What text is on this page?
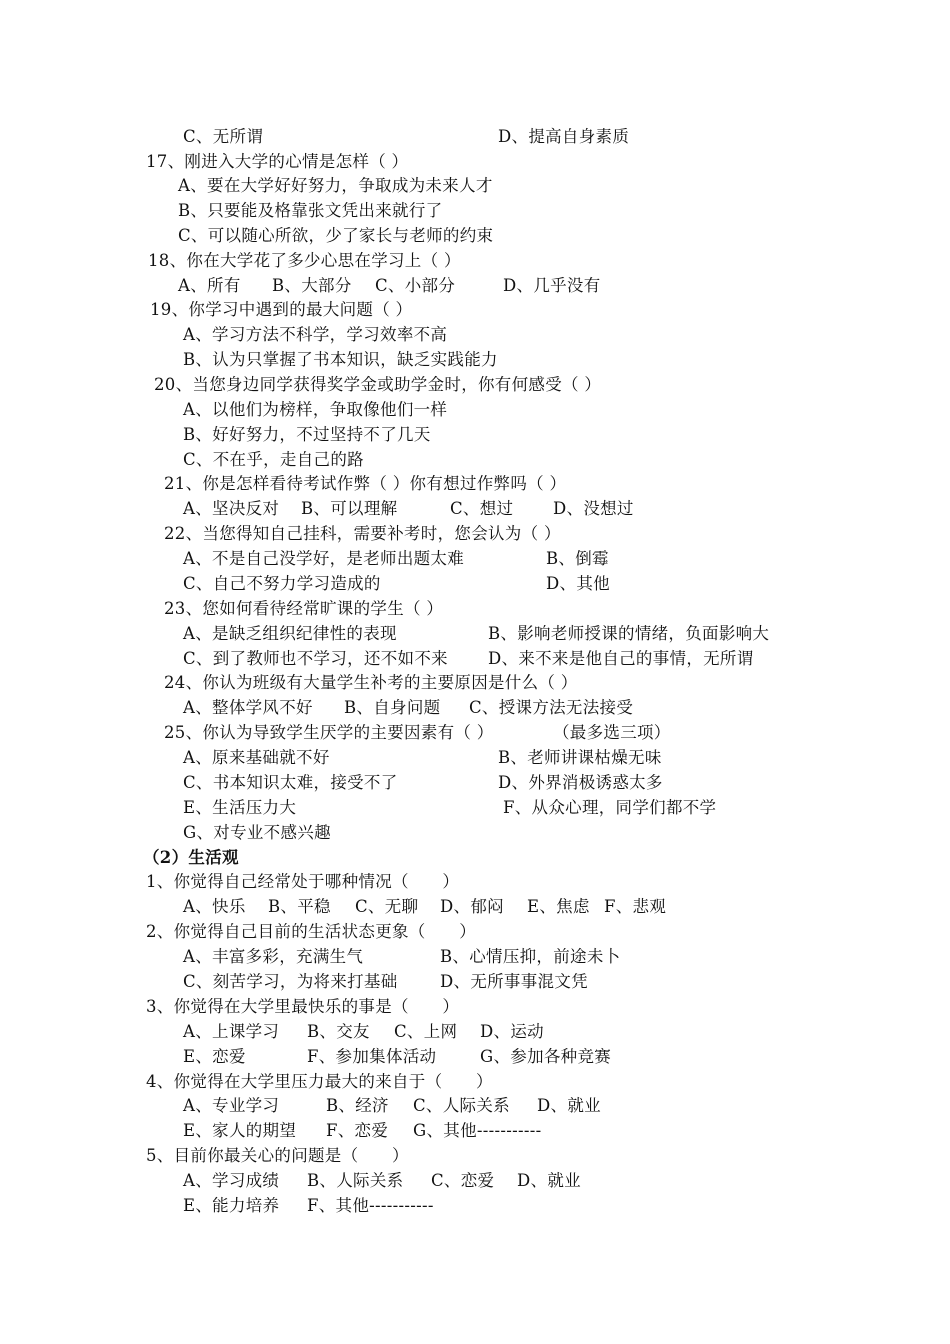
C、无所谓	D、提高自身素质
17、刚进入大学的心情是怎样（ ）
A、要在大学好好努力，争取成为未来人才
B、只要能及格靠张文凭出来就行了
C、可以随心所欲，少了家长与老师的约束
18、你在大学花了多少心思在学习上（ ）
A、所有 B、大部分 C、小部分	D、几乎没有
19、你学习中遇到的最大问题（ ）
A、学习方法不科学，学习效率不高
B、认为只掌握了书本知识，缺乏实践能力
20、当您身边同学获得奖学金或助学金时，你有何感受（ ）
A、以他们为榜样，争取像他们一样
B、好好努力，不过坚持不了几天
C、不在乎，走自己的路
21、你是怎样看待考试作弊（ ）你有想过作弊吗（ ）
A、坚决反对 B、可以理解	C、想过 D、没想过
22、当您得知自己挂科，需要补考时，您会认为（ ）
A、不是自己没学好，是老师出题太难	B、倒霉
C、自己不努力学习造成的	D、其他
23、您如何看待经常旷课的学生（ ）
A、是缺乏组织纪律性的表现	B、影响老师授课的情绪，负面影响大
C、到了教师也不学习，还不如不来 D、来不来是他自己的事情，无所谓
24、你认为班级有大量学生补考的主要原因是什么（ ）
A、整体学风不好 B、自身问题 C、授课方法无法接受
25、你认为导致学生厌学的主要因素有（ ）	（最多选三项）
A、原来基础就不好	B、老师讲课枯燥无味
C、书本知识太难，接受不了	D、外界消极诱惑太多
E、生活压力大	F、从众心理，同学们都不学
G、对专业不感兴趣
（2）生活观
1、你觉得自己经常处于哪种情况（　　）
A、快乐 B、平稳 C、无聊 D、郁闷 E、焦虑 F、悲观
2、你觉得自己目前的生活状态更象（　　）
A、丰富多彩，充满生气	B、心情压抑，前途未卜
C、刻苦学习，为将来打基础	D、无所事事混文凭
3、你觉得在大学里最快乐的事是（　　）
A、上课学习 B、交友 C、上网 D、运动
E、恋爱	F、参加集体活动	G、参加各种竞赛
4、你觉得在大学里压力最大的来自于（　　）
A、专业学习	B、经济 C、人际关系 D、就业
E、家人的期望 F、恋爱 G、其他-----------
5、目前你最关心的问题是（　　）
A、学习成绩 B、人际关系 C、恋爱 D、就业
E、能力培养 F、其他-----------
